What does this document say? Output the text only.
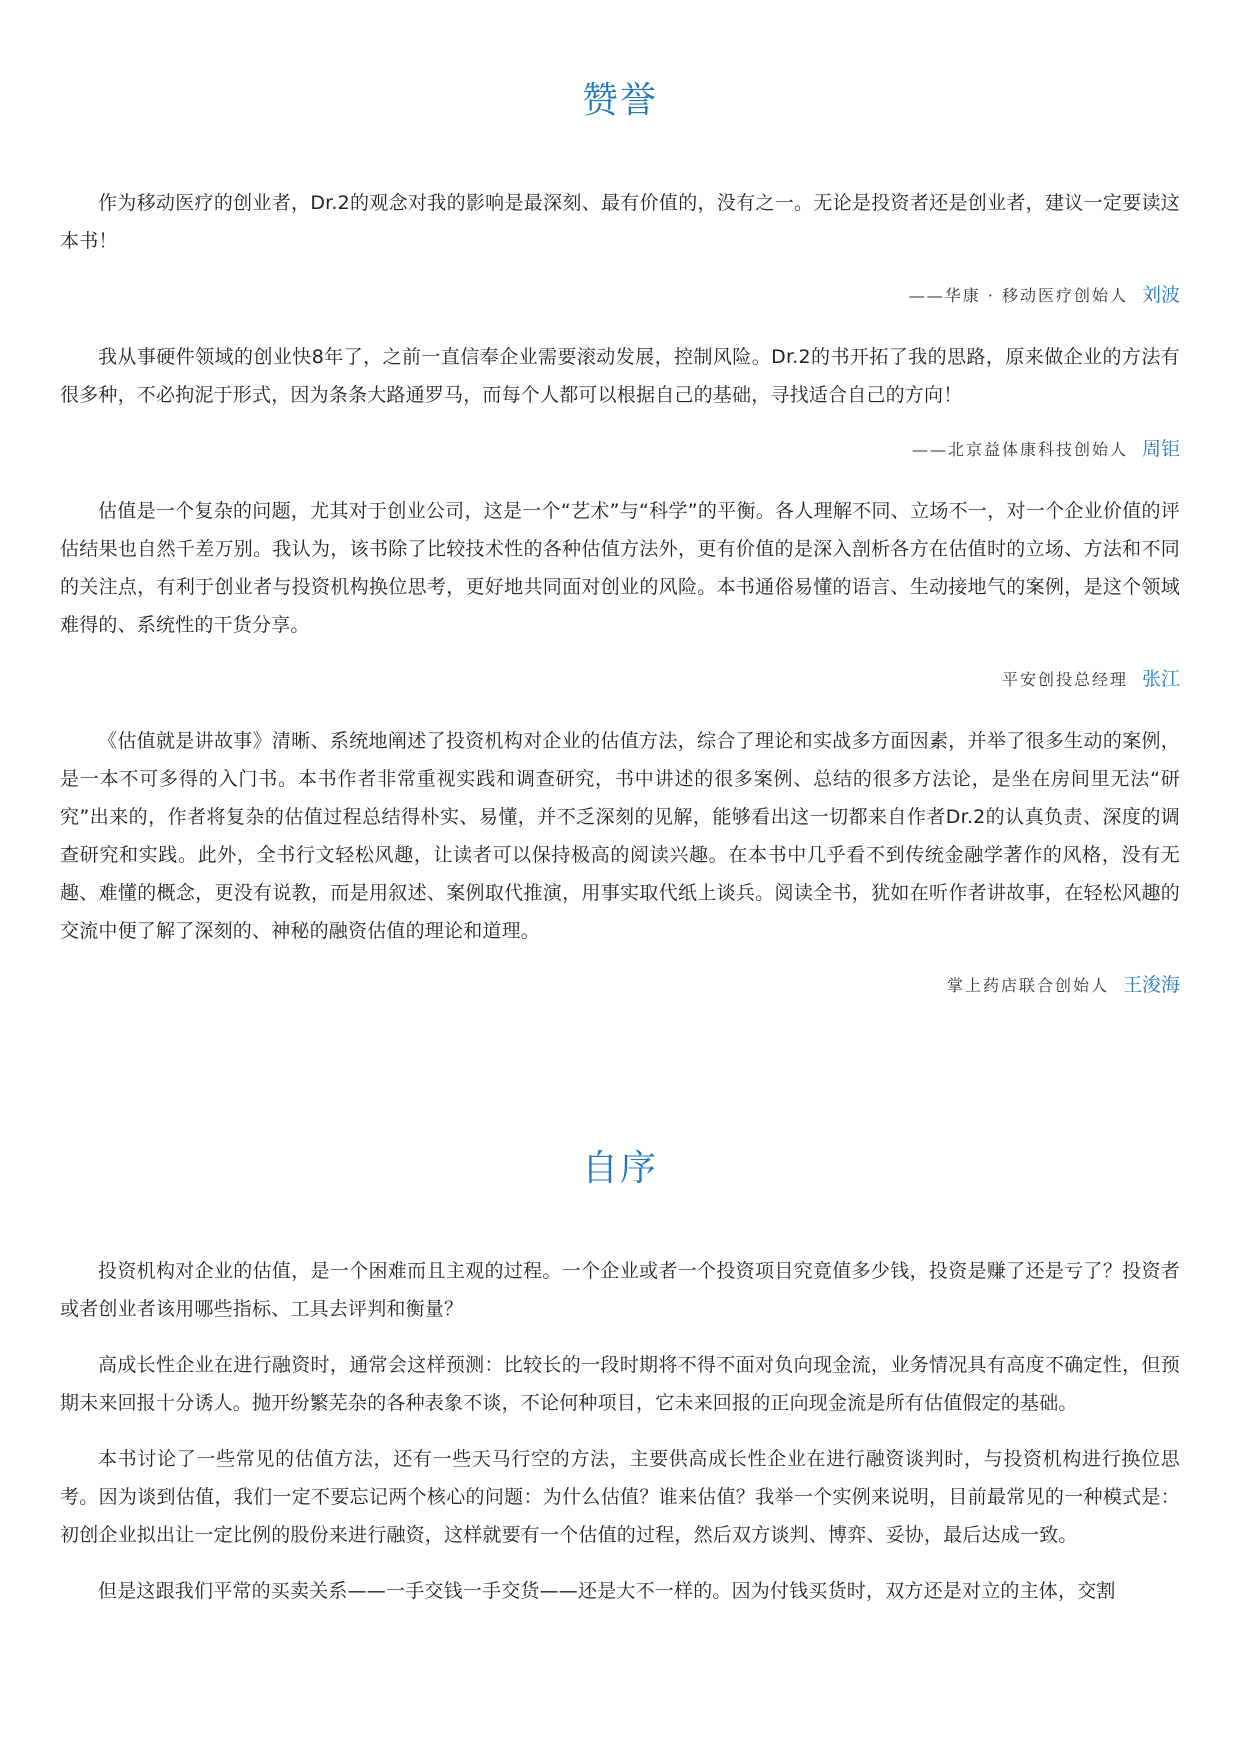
赞誉

作为移动医疗的创业者，Dr.2的观念对我的影响是最深刻、最有价值的，没有之一。无论是投资者还是创业者，建议一定要读这本书！

——华康 · 移动医疗创始人 刘波

我从事硬件领域的创业快8年了，之前一直信奉企业需要滚动发展，控制风险。Dr.2的书开拓了我的思路，原来做企业的方法有很多种，不必拘泥于形式，因为条条大路通罗马，而每个人都可以根据自己的基础，寻找适合自己的方向！

——北京益体康科技创始人 周钜

估值是一个复杂的问题，尤其对于创业公司，这是一个“艺术”与“科学”的平衡。各人理解不同、立场不一，对一个企业价值的评估结果也自然千差万别。我认为，该书除了比较技术性的各种估值方法外，更有价值的是深入剖析各方在估值时的立场、方法和不同的关注点，有利于创业者与投资机构换位思考，更好地共同面对创业的风险。本书通俗易懂的语言、生动接地气的案例，是这个领域难得的、系统性的干货分享。

平安创投总经理 张江

《估值就是讲故事》清晰、系统地阐述了投资机构对企业的估值方法，综合了理论和实战多方面因素，并举了很多生动的案例，是一本不可多得的入门书。本书作者非常重视实践和调查研究，书中讲述的很多案例、总结的很多方法论，是坐在房间里无法“研究”出来的，作者将复杂的估值过程总结得朴实、易懂，并不乏深刻的见解，能够看出这一切都来自作者Dr.2的认真负责、深度的调查研究和实践。此外，全书行文轻松风趣，让读者可以保持极高的阅读兴趣。在本书中几乎看不到传统金融学著作的风格，没有无趣、难懂的概念，更没有说教，而是用叙述、案例取代推演，用事实取代纸上谈兵。阅读全书，犹如在听作者讲故事，在轻松风趣的交流中便了解了深刻的、神秘的融资估值的理论和道理。

掌上药店联合创始人 王浚海
自序

投资机构对企业的估值，是一个困难而且主观的过程。一个企业或者一个投资项目究竟值多少钱，投资是赚了还是亏了？投资者或者创业者该用哪些指标、工具去评判和衡量？

高成长性企业在进行融资时，通常会这样预测：比较长的一段时期将不得不面对负向现金流，业务情况具有高度不确定性，但预期未来回报十分诱人。抛开纷繁芜杂的各种表象不谈，不论何种项目，它未来回报的正向现金流是所有估值假定的基础。

本书讨论了一些常见的估值方法，还有一些天马行空的方法，主要供高成长性企业在进行融资谈判时，与投资机构进行换位思考。因为谈到估值，我们一定不要忘记两个核心的问题：为什么估值？谁来估值？我举一个实例来说明，目前最常见的一种模式是：初创企业拟出让一定比例的股份来进行融资，这样就要有一个估值的过程，然后双方谈判、博弈、妥协，最后达成一致。

但是这跟我们平常的买卖关系——一手交钱一手交货——还是大不一样的。因为付钱买货时，双方还是对立的主体，交割
